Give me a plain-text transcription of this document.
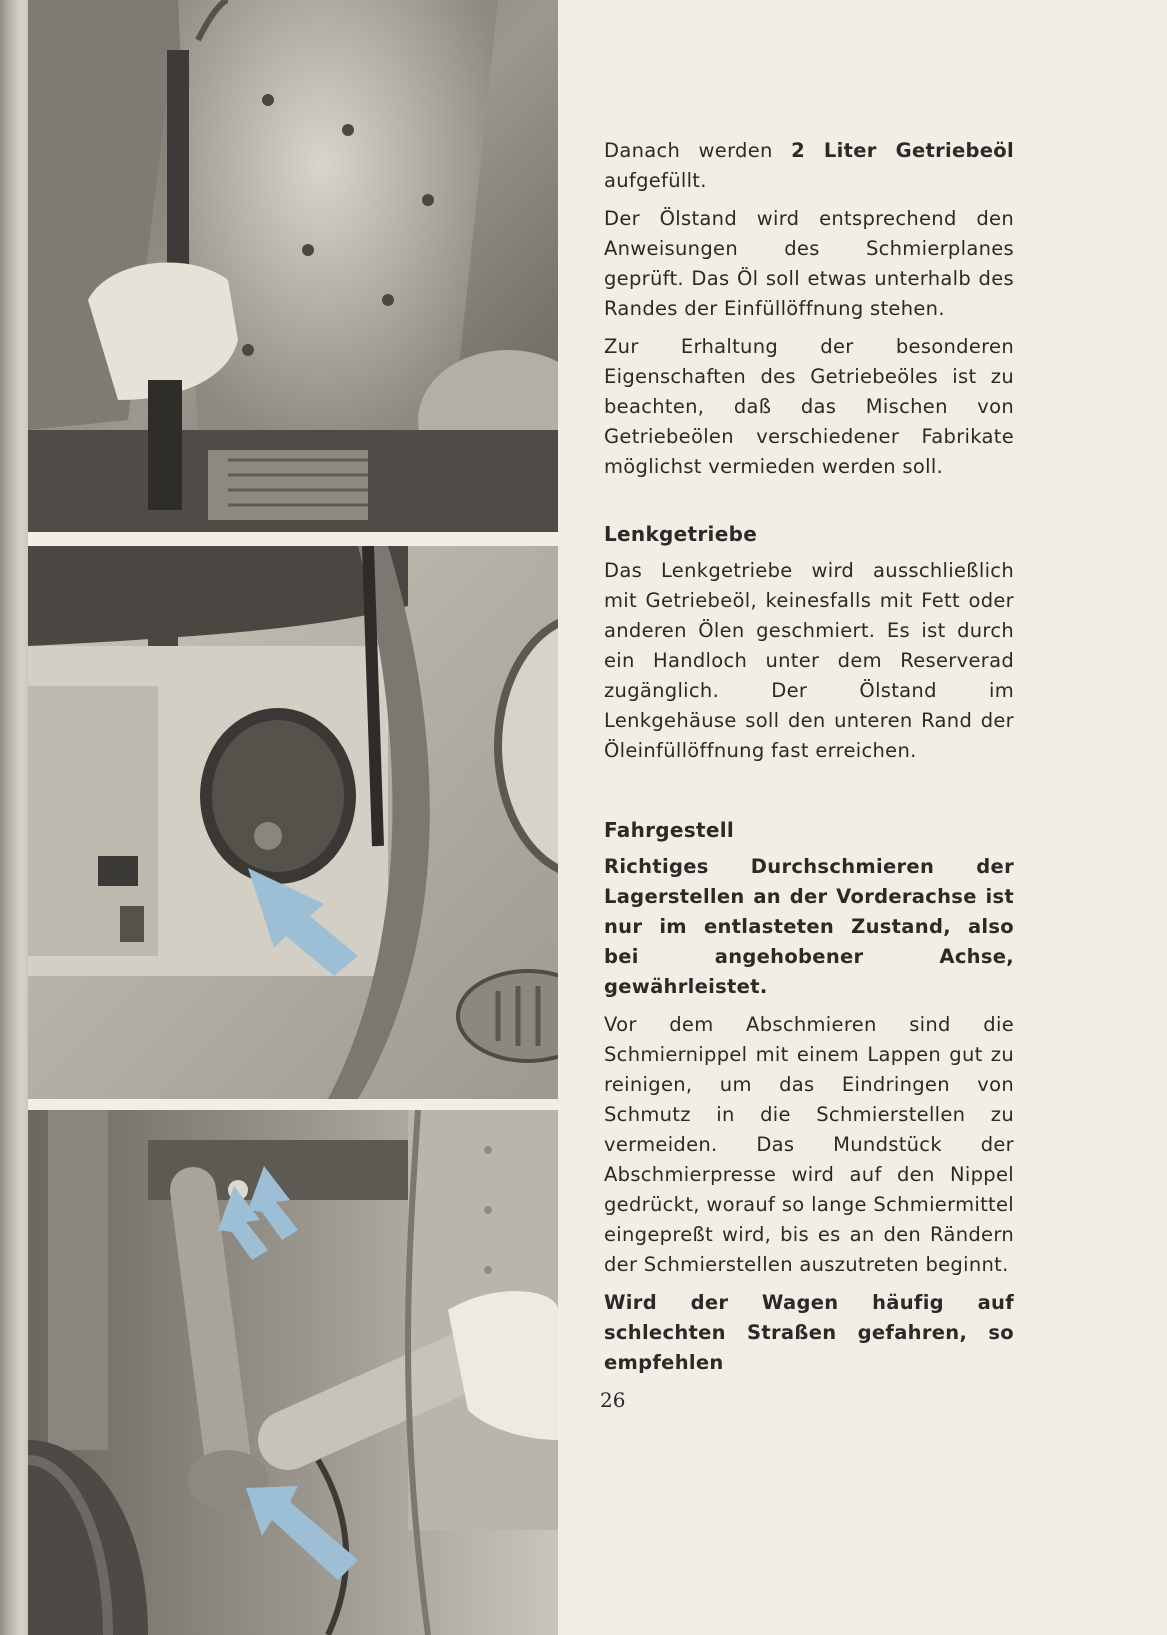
Danach werden 2 Liter Getriebeöl aufgefüllt.

Der Ölstand wird entsprechend den Anweisungen des Schmierplanes geprüft. Das Öl soll etwas unterhalb des Randes der Einfüllöffnung stehen.

Zur Erhaltung der besonderen Eigenschaften des Getriebeöles ist zu beachten, daß das Mischen von Getriebeölen verschiedener Fabrikate möglichst vermieden werden soll.

Lenkgetriebe

Das Lenkgetriebe wird ausschließlich mit Getriebeöl, keinesfalls mit Fett oder anderen Ölen geschmiert. Es ist durch ein Handloch unter dem Reserverad zugänglich. Der Ölstand im Lenkgehäuse soll den unteren Rand der Öleinfüllöffnung fast erreichen.

Fahrgestell

Richtiges Durchschmieren der Lagerstellen an der Vorderachse ist nur im entlasteten Zustand, also bei angehobener Achse, gewährleistet.

Vor dem Abschmieren sind die Schmiernippel mit einem Lappen gut zu reinigen, um das Eindringen von Schmutz in die Schmierstellen zu vermeiden. Das Mundstück der Abschmierpresse wird auf den Nippel gedrückt, worauf so lange Schmiermittel eingepreßt wird, bis es an den Rändern der Schmierstellen auszutreten beginnt.

Wird der Wagen häufig auf schlechten Straßen gefahren, so empfehlen

26
